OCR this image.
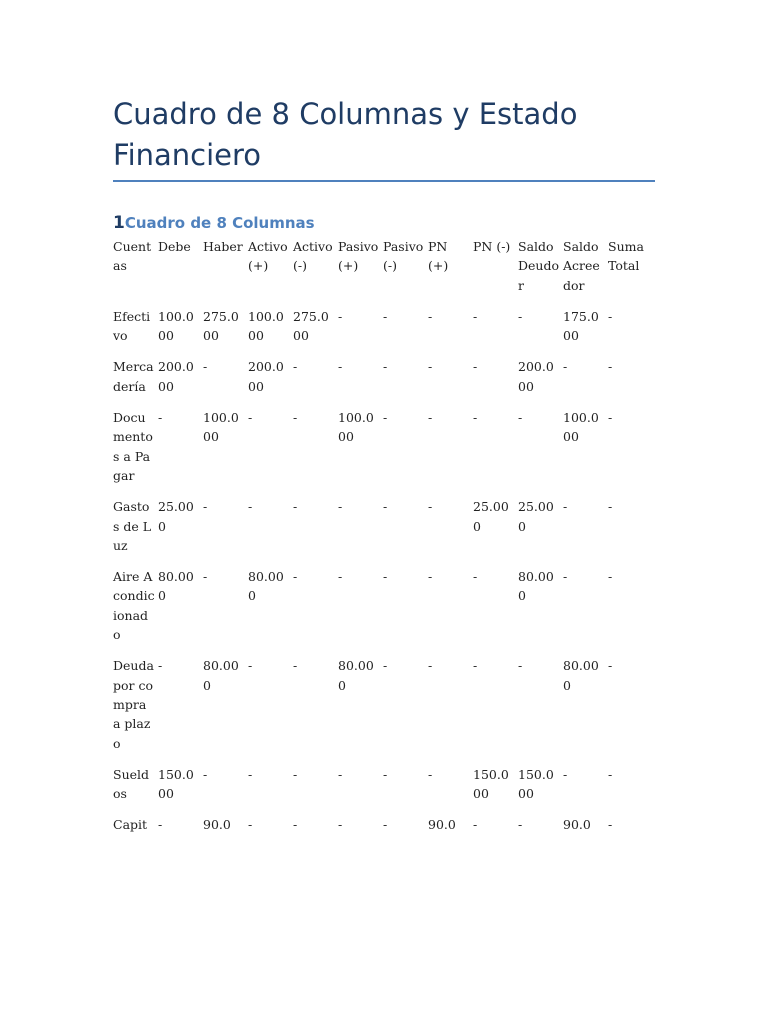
Cuadro de 8 Columnas y Estado Financiero
1 Cuadro de 8 Columnas
Cuentas	Debe	Haber	Activo (+)	Activo (-)	Pasivo (+)	Pasivo (-)	PN (+)	PN (-)	Saldo Deudor	Saldo Acreedor	Suma Total

Efectivo	100.000	275.000	100.000	275.000	-	-	-	-	-	175.000	-

Mercadería	200.000	-	200.000	-	-	-	-	-	200.000	-	-

Documentos a Pagar	-	100.000	-	-	100.000	-	-	-	-	100.000	-

Gastos de Luz	25.000	-	-	-	-	-	-	25.000	25.000	-	-

Aire Acondicionado	80.000	-	80.000	-	-	-	-	-	80.000	-	-

Deuda por compra a plazo	-	80.000	-	-	80.000	-	-	-	-	80.000	-

Sueldos	150.000	-	-	-	-	-	-	150.000	150.000	-	-

Capit	-	90.0	-	-	-	-	90.0	-	-	90.0	-
